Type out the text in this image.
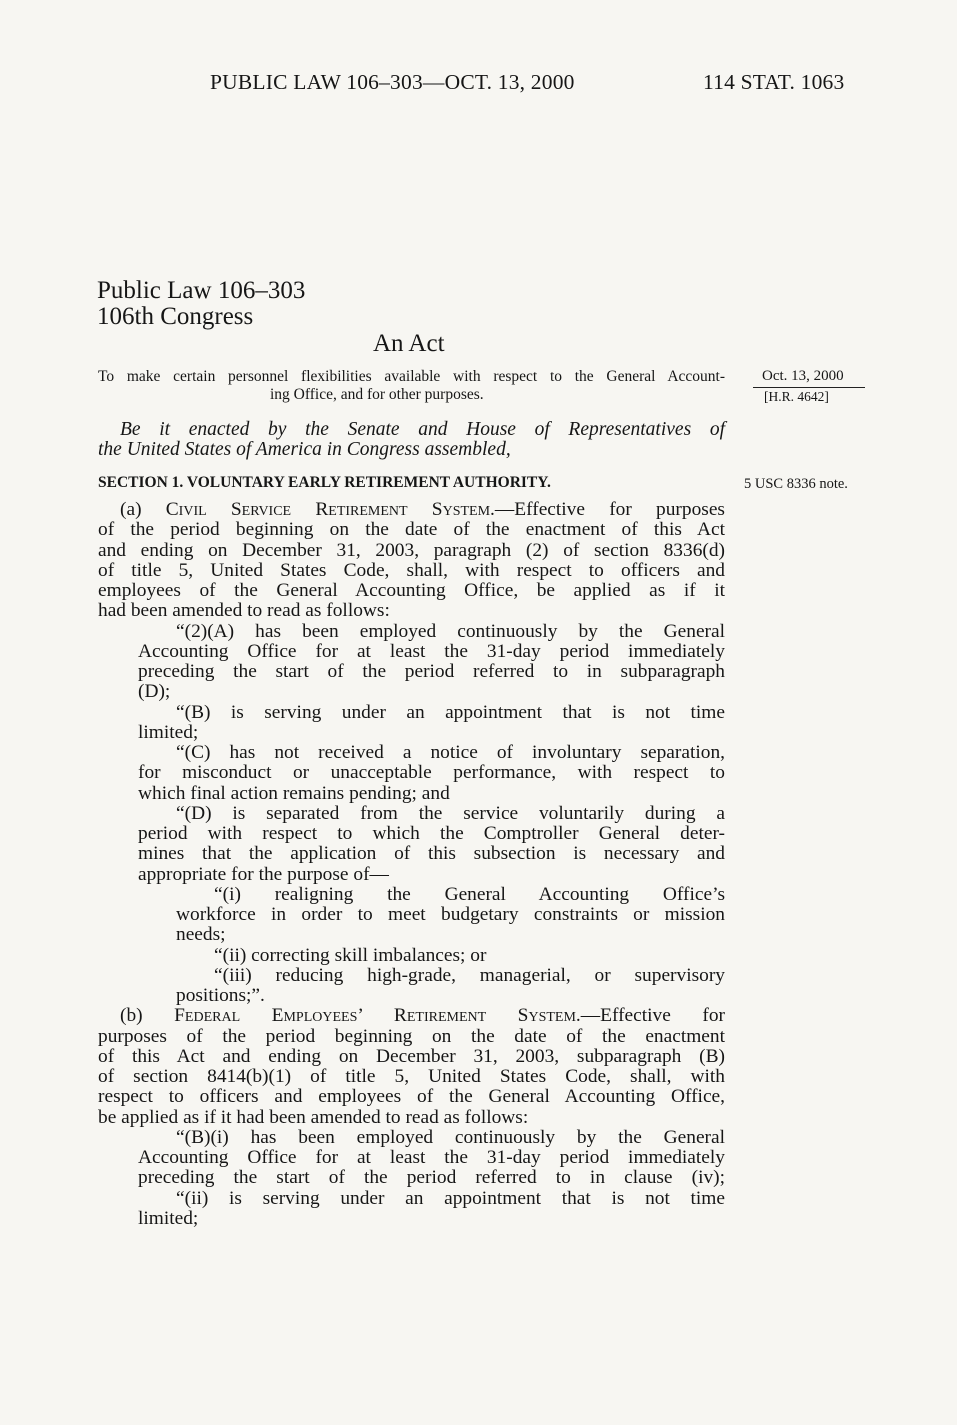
PUBLIC LAW 106–303—OCT. 13, 2000	114 STAT. 1063
Public Law 106–303
106th Congress
An Act
To make certain personnel flexibilities available with respect to the General Account-
ing Office, and for other purposes.
Oct. 13, 2000
[H.R. 4642]
5 USC 8336 note.
Be it enacted by the Senate and House of Representatives of
the United States of America in Congress assembled,
SECTION 1. VOLUNTARY EARLY RETIREMENT AUTHORITY.
(a) Civil Service Retirement System.—Effective for purposes
of the period beginning on the date of the enactment of this Act
and ending on December 31, 2003, paragraph (2) of section 8336(d)
of title 5, United States Code, shall, with respect to officers and
employees of the General Accounting Office, be applied as if it
had been amended to read as follows:
“(2)(A) has been employed continuously by the General
Accounting Office for at least the 31-day period immediately
preceding the start of the period referred to in subparagraph
(D);
“(B) is serving under an appointment that is not time
limited;
“(C) has not received a notice of involuntary separation,
for misconduct or unacceptable performance, with respect to
which final action remains pending; and
“(D) is separated from the service voluntarily during a
period with respect to which the Comptroller General deter-
mines that the application of this subsection is necessary and
appropriate for the purpose of—
“(i) realigning the General Accounting Office’s
workforce in order to meet budgetary constraints or mission
needs;
“(ii) correcting skill imbalances; or
“(iii) reducing high-grade, managerial, or supervisory
positions;”.
(b) Federal Employees’ Retirement System.—Effective for
purposes of the period beginning on the date of the enactment
of this Act and ending on December 31, 2003, subparagraph (B)
of section 8414(b)(1) of title 5, United States Code, shall, with
respect to officers and employees of the General Accounting Office,
be applied as if it had been amended to read as follows:
“(B)(i) has been employed continuously by the General
Accounting Office for at least the 31-day period immediately
preceding the start of the period referred to in clause (iv);
“(ii) is serving under an appointment that is not time
limited;
